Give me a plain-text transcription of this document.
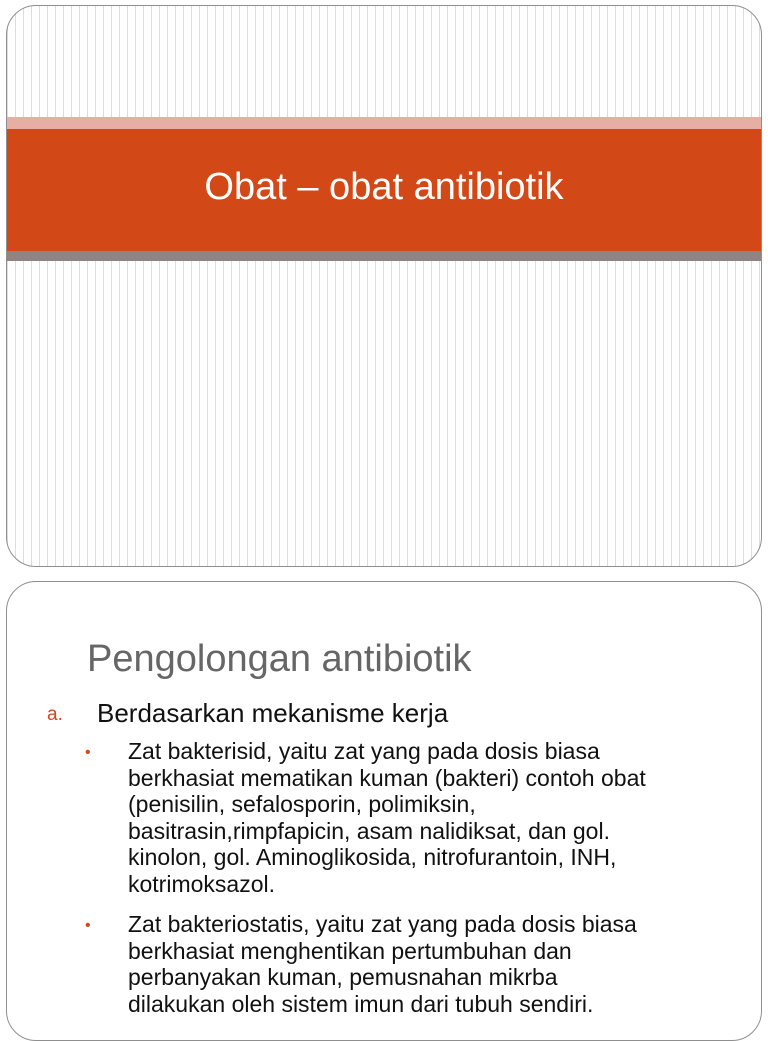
Obat – obat antibiotik
Pengolongan antibiotik
a. Berdasarkan mekanisme kerja
• Zat bakterisid, yaitu zat yang pada dosis biasa
berkhasiat mematikan kuman (bakteri) contoh obat
(penisilin, sefalosporin, polimiksin,
basitrasin,rimpfapicin, asam nalidiksat, dan gol.
kinolon, gol. Aminoglikosida, nitrofurantoin, INH,
kotrimoksazol.
• Zat bakteriostatis, yaitu zat yang pada dosis biasa
berkhasiat menghentikan pertumbuhan dan
perbanyakan kuman, pemusnahan mikrba
dilakukan oleh sistem imun dari tubuh sendiri.
